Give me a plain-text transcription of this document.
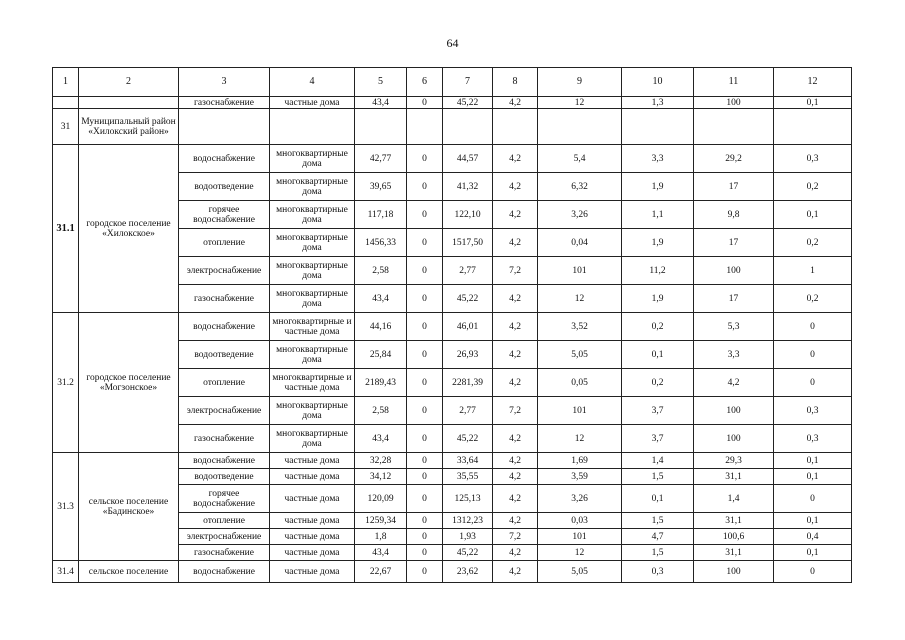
64
1	2	3	4	5	6	7	8	9	10	11	12
		газоснабжение	частные дома	43,4	0	45,22	4,2	12	1,3	100	0,1
31	Муниципальный район «Хилокский район»										
31.1	городское поселение «Хилокское»	водоснабжение	многоквартирные дома	42,77	0	44,57	4,2	5,4	3,3	29,2	0,3
		водоотведение	многоквартирные дома	39,65	0	41,32	4,2	6,32	1,9	17	0,2
		горячее водоснабжение	многоквартирные дома	117,18	0	122,10	4,2	3,26	1,1	9,8	0,1
		отопление	многоквартирные дома	1456,33	0	1517,50	4,2	0,04	1,9	17	0,2
		электроснабжение	многоквартирные дома	2,58	0	2,77	7,2	101	11,2	100	1
		газоснабжение	многоквартирные дома	43,4	0	45,22	4,2	12	1,9	17	0,2
31.2	городское поселение «Могзонское»	водоснабжение	многоквартирные и частные дома	44,16	0	46,01	4,2	3,52	0,2	5,3	0
		водоотведение	многоквартирные дома	25,84	0	26,93	4,2	5,05	0,1	3,3	0
		отопление	многоквартирные и частные дома	2189,43	0	2281,39	4,2	0,05	0,2	4,2	0
		электроснабжение	многоквартирные дома	2,58	0	2,77	7,2	101	3,7	100	0,3
		газоснабжение	многоквартирные дома	43,4	0	45,22	4,2	12	3,7	100	0,3
31.3	сельское поселение «Бадинское»	водоснабжение	частные дома	32,28	0	33,64	4,2	1,69	1,4	29,3	0,1
		водоотведение	частные дома	34,12	0	35,55	4,2	3,59	1,5	31,1	0,1
		горячее водоснабжение	частные дома	120,09	0	125,13	4,2	3,26	0,1	1,4	0
		отопление	частные дома	1259,34	0	1312,23	4,2	0,03	1,5	31,1	0,1
		электроснабжение	частные дома	1,8	0	1,93	7,2	101	4,7	100,6	0,4
		газоснабжение	частные дома	43,4	0	45,22	4,2	12	1,5	31,1	0,1
31.4	сельское поселение	водоснабжение	частные дома	22,67	0	23,62	4,2	5,05	0,3	100	0
